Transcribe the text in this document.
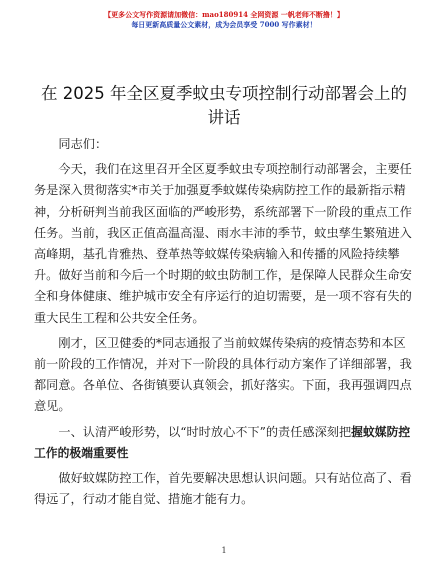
【更多公文写作资源请加微信：mao180914 全网资源 一帆老师不断撸！】
每日更新高质量公文素材，成为会员享受 7000 写作素材！
在 2025 年全区夏季蚊虫专项控制行动部署会上的讲话

同志们：

今天，我们在这里召开全区夏季蚊虫专项控制行动部署会，主要任务是深入贯彻落实*市关于加强夏季蚊媒传染病防控工作的最新指示精神，分析研判当前我区面临的严峻形势，系统部署下一阶段的重点工作任务。当前，我区正值高温高湿、雨水丰沛的季节，蚊虫孳生繁殖进入高峰期，基孔肯雅热、登革热等蚊媒传染病输入和传播的风险持续攀升。做好当前和今后一个时期的蚊虫防制工作，是保障人民群众生命安全和身体健康、维护城市安全有序运行的迫切需要，是一项不容有失的重大民生工程和公共安全任务。

刚才，区卫健委的*同志通报了当前蚊媒传染病的疫情态势和本区前一阶段的工作情况，并对下一阶段的具体行动方案作了详细部署，我都同意。各单位、各街镇要认真领会，抓好落实。下面，我再强调四点意见。

一、认清严峻形势，以“时时放心不下”的责任感深刻把握蚊媒防控工作的极端重要性

做好蚊媒防控工作，首先要解决思想认识问题。只有站位高了、看得远了，行动才能自觉、措施才能有力。

1
